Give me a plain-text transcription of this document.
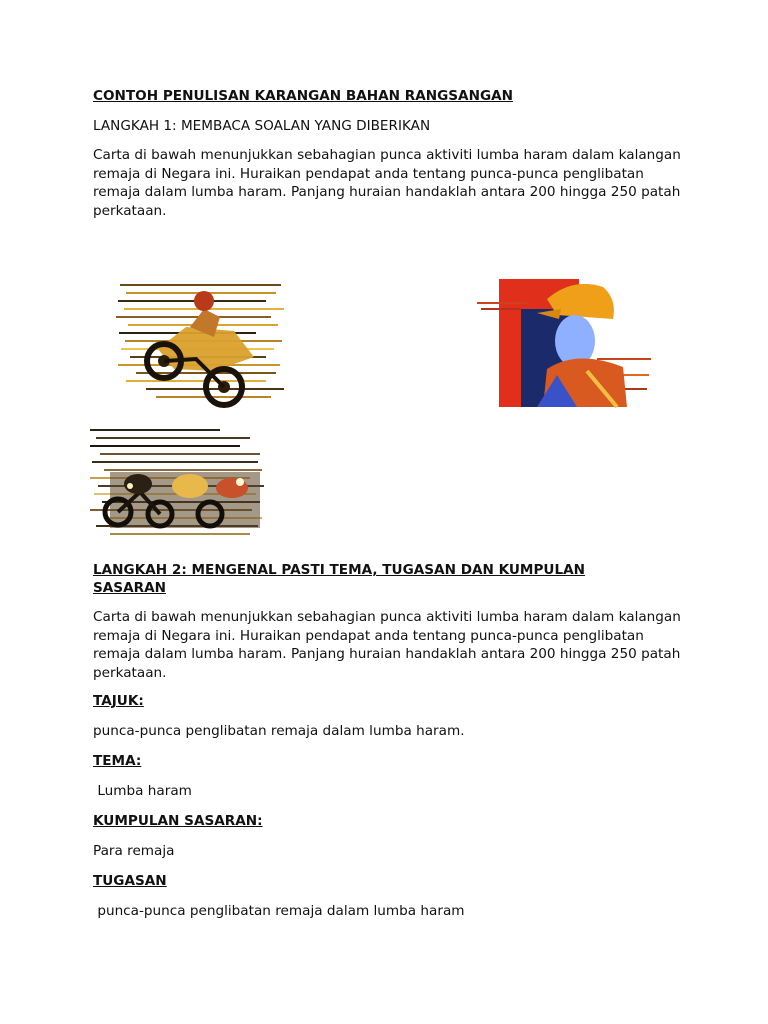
CONTOH PENULISAN KARANGAN BAHAN RANGSANGAN

LANGKAH 1: MEMBACA SOALAN YANG DIBERIKAN

Carta di bawah menunjukkan sebahagian punca aktiviti lumba haram dalam kalangan remaja di Negara ini. Huraikan pendapat anda tentang punca-punca penglibatan remaja dalam lumba haram. Panjang huraian handaklah antara 200 hingga 250 patah perkataan.

LANGKAH 2: MENGENAL PASTI TEMA, TUGASAN DAN KUMPULAN

SASARAN

Carta di bawah menunjukkan sebahagian punca aktiviti lumba haram dalam kalangan remaja di Negara ini. Huraikan pendapat anda tentang punca-punca penglibatan remaja dalam lumba haram. Panjang huraian handaklah antara 200 hingga 250 patah perkataan.

TAJUK:

punca-punca penglibatan remaja dalam lumba haram.

TEMA:

Lumba haram

KUMPULAN SASARAN:

Para remaja

TUGASAN

punca-punca penglibatan remaja dalam lumba haram
